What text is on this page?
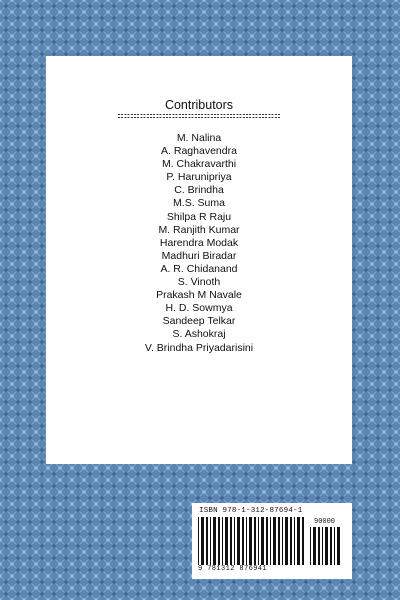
Contributors
M. Nalina
A. Raghavendra
M. Chakravarthi
P. Harunipriya
C. Brindha
M.S. Suma
Shilpa R Raju
M. Ranjith Kumar
Harendra Modak
Madhuri Biradar
A. R. Chidanand
S. Vinoth
Prakash M Navale
H. D. Sowmya
Sandeep Telkar
S. Ashokraj
V. Brindha Priyadarisini
ISBN 978-1-312-87694-1
90000
9 781312 876941
